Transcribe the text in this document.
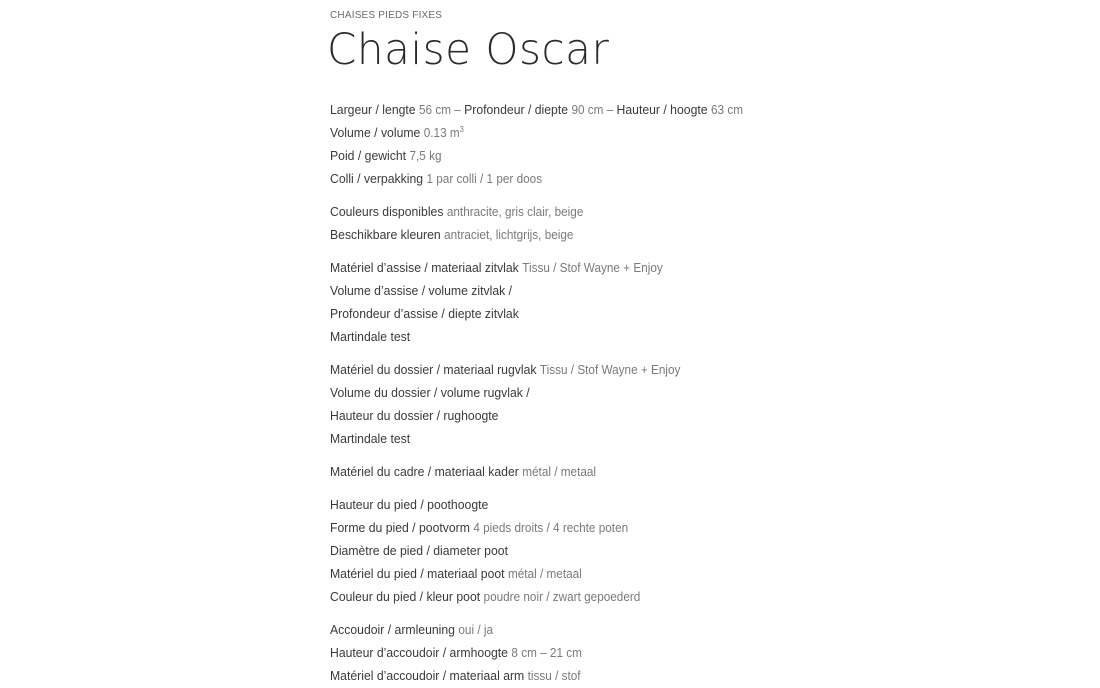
CHAISES PIEDS FIXES
Chaise Oscar
Largeur / lengte 56 cm – Profondeur / diepte 90 cm – Hauteur / hoogte 63 cm
Volume / volume 0.13 $m^3$
Poid / gewicht 7,5 kg
Colli / verpakking 1 par colli / 1 per doos
Couleurs disponibles anthracite, gris clair, beige
Beschikbare kleuren antraciet, lichtgrijs, beige
Matériel d’assise / materiaal zitvlak Tissu / Stof Wayne + Enjoy
Volume d’assise / volume zitvlak /
Profondeur d’assise / diepte zitvlak
Martindale test
Matériel du dossier / materiaal rugvlak Tissu / Stof Wayne + Enjoy
Volume du dossier / volume rugvlak /
Hauteur du dossier / rughoogte
Martindale test
Matériel du cadre / materiaal kader métal / metaal
Hauteur du pied / poothoogte
Forme du pied / pootvorm 4 pieds droits / 4 rechte poten
Diamètre de pied / diameter poot
Matériel du pied / materiaal poot métal / metaal
Couleur du pied / kleur poot poudre noir / zwart gepoederd
Accoudoir / armleuning oui / ja
Hauteur d’accoudoir / armhoogte 8 cm – 21 cm
Matériel d’accoudoir / materiaal arm tissu / stof
